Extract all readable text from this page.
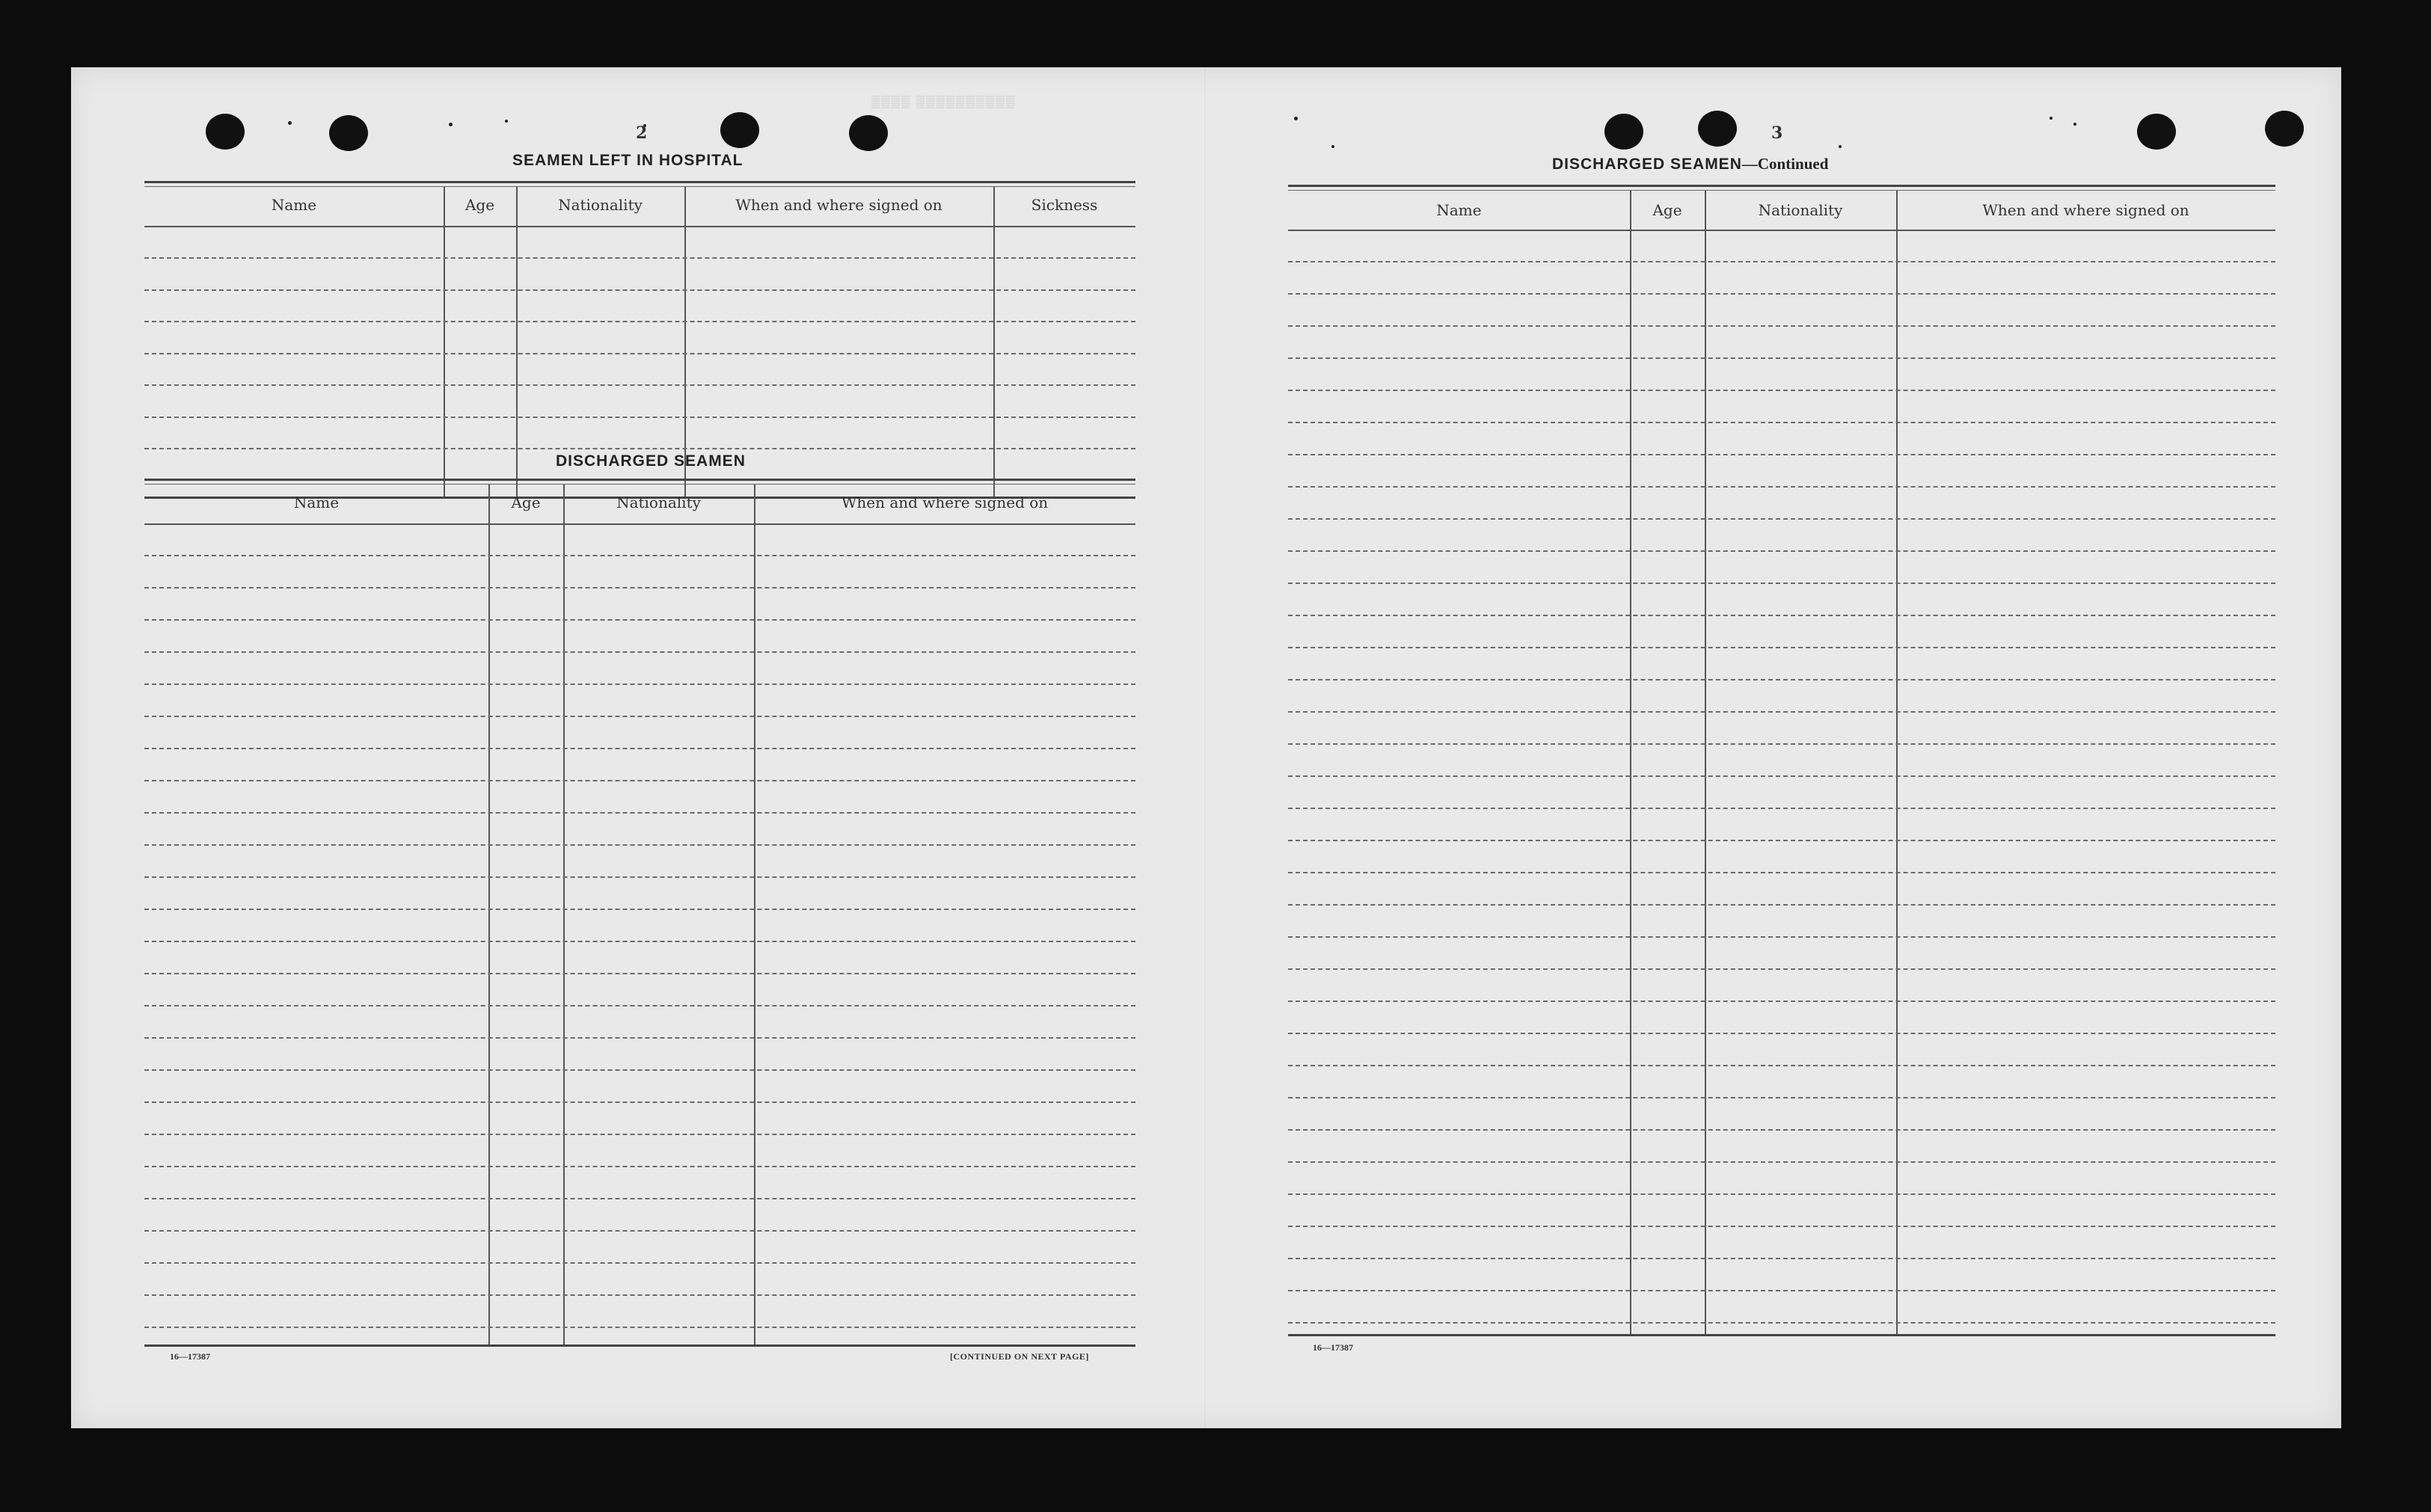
▒▒▒▒ ▒▒▒▒▒▒▒▒▒▒
2
SEAMEN LEFT IN HOSPITAL
Name	Age	Nationality	When and where signed on	Sickness
DISCHARGED SEAMEN
Name	Age	Nationality	When and where signed on
16—17387	[CONTINUED ON NEXT PAGE]
3
DISCHARGED SEAMEN—Continued
Name	Age	Nationality	When and where signed on
16—17387
